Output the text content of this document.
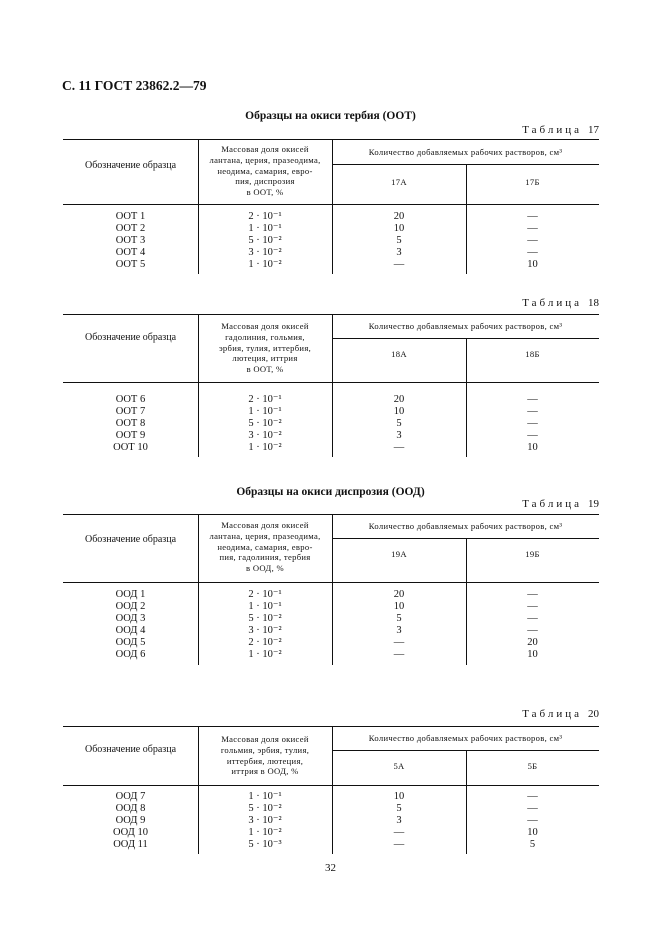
С. 11 ГОСТ 23862.2—79
Образцы на окиси тербия (ООТ)
Образцы на окиси диспрозия (ООД)
Таблица 17
Обозначение образца
Массовая доля окисей
лантана, церия, празеодима,
неодима, самария, евро-
пия, диспрозия
в ООТ, %
Количество добавляемых рабочих растворов, см³
17А	17Б
ООТ 1	2 · 10⁻¹	20	—
ООТ 2	1 · 10⁻¹	10	—
ООТ 3	5 · 10⁻²	5	—
ООТ 4	3 · 10⁻²	3	—
ООТ 5	1 · 10⁻²	—	10
Таблица 18
Обозначение образца
Массовая доля окисей
гадолиния, гольмия,
эрбия, тулия, иттербия,
лютеция, иттрия
в ООТ, %
Количество добавляемых рабочих растворов, см³
18А	18Б
ООТ 6	2 · 10⁻¹	20	—
ООТ 7	1 · 10⁻¹	10	—
ООТ 8	5 · 10⁻²	5	—
ООТ 9	3 · 10⁻²	3	—
ООТ 10	1 · 10⁻²	—	10
Таблица 19
Обозначение образца
Массовая доля окисей
лантана, церия, празеодима,
неодима, самария, евро-
пия, гадолиния, тербия
в ООД, %
Количество добавляемых рабочих растворов, см³
19А	19Б
ООД 1	2 · 10⁻¹	20	—
ООД 2	1 · 10⁻¹	10	—
ООД 3	5 · 10⁻²	5	—
ООД 4	3 · 10⁻²	3	—
ООД 5	2 · 10⁻²	—	20
ООД 6	1 · 10⁻²	—	10
Таблица 20
Обозначение образца
Массовая доля окисей
гольмия, эрбия, тулия,
иттербия, лютеция,
иттрия в ООД, %
Количество добавляемых рабочих растворов, см³
5А	5Б
ООД 7	1 · 10⁻¹	10	—
ООД 8	5 · 10⁻²	5	—
ООД 9	3 · 10⁻²	3	—
ООД 10	1 · 10⁻²	—	10
ООД 11	5 · 10⁻³	—	5
32
